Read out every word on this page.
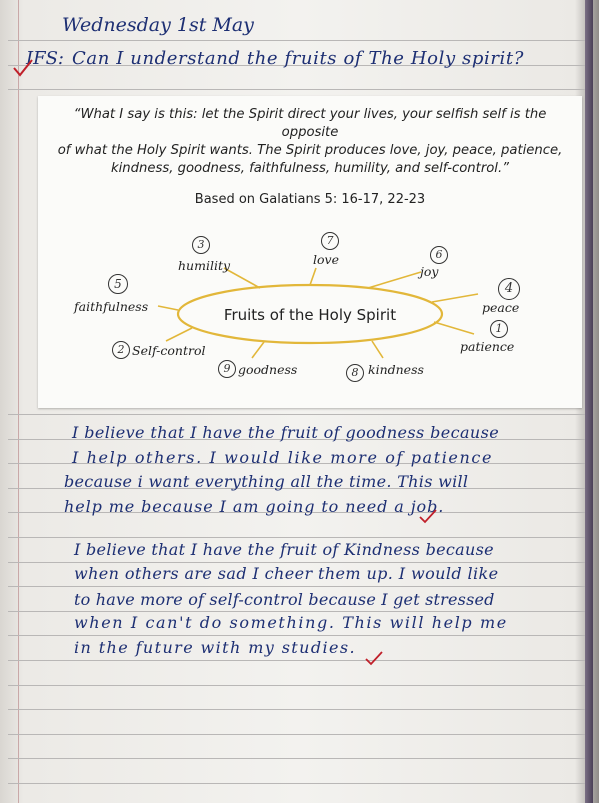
Wednesday 1st May
IFS: Can I understand the fruits of The Holy spirit?
“What I say is this: let the Spirit direct your lives, your selfish self is the opposite
of what the Holy Spirit wants. The Spirit produces love, joy, peace, patience,
kindness, goodness, faithfulness, humility, and self-control.”
Based on Galatians 5: 16-17, 22-23
Fruits of the Holy Spirit
love
7
humility
3
joy
6
peace
4
patience
1
kindness
8
goodness
9
Self-control
2
faithfulness
5
I believe that I have the fruit of goodness because
I help others. I would like more of patience
because i want everything all the time. This will
help me because I am going to need a job.
I believe that I have the fruit of Kindness because
when others are sad I cheer them up. I would like
to have more of self-control because I get stressed
when I can't do something. This will help me
in the future with my studies.
